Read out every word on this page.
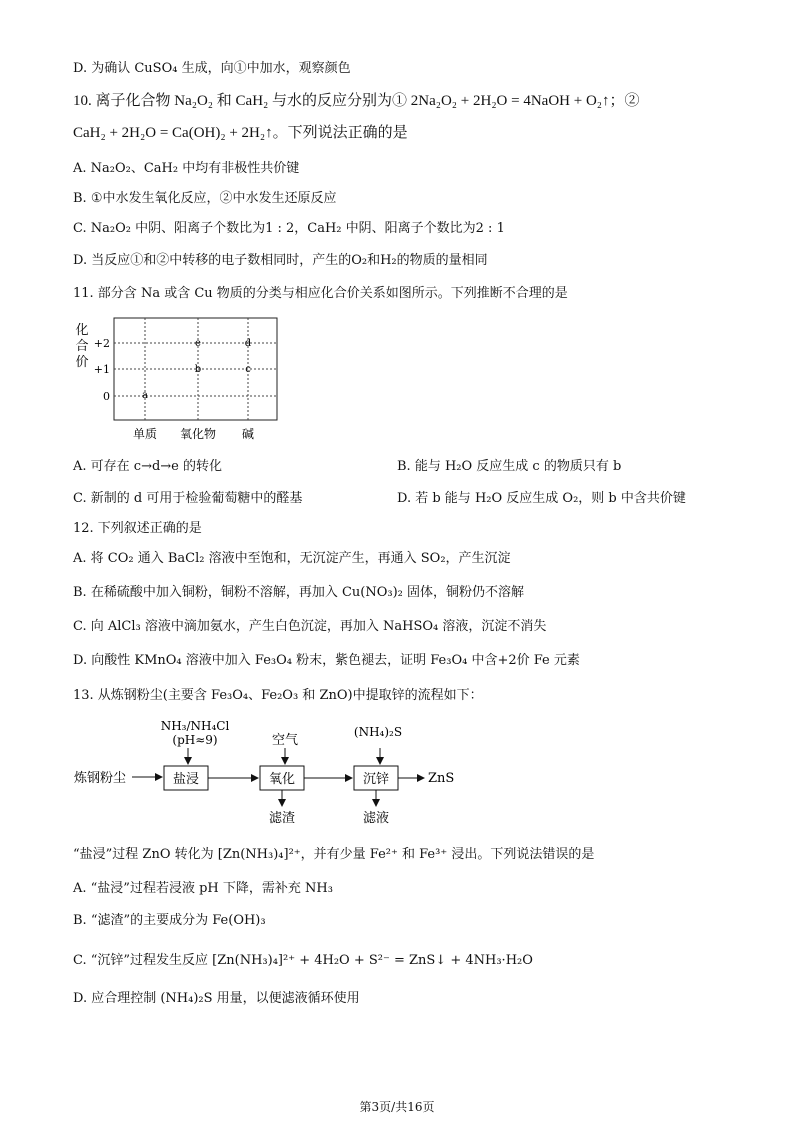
D. 为确认 CuSO₄ 生成，向①中加水，观察颜色
10. 离子化合物 Na₂O₂ 和 CaH₂ 与水的反应分别为① 2Na₂O₂ + 2H₂O = 4NaOH + O₂↑；②
CaH₂ + 2H₂O = Ca(OH)₂ + 2H₂↑。下列说法正确的是
A. Na₂O₂、CaH₂ 中均有非极性共价键
B. ①中水发生氧化反应，②中水发生还原反应
C. Na₂O₂ 中阴、阳离子个数比为1 : 2，CaH₂ 中阴、阳离子个数比为2 : 1
D. 当反应①和②中转移的电子数相同时，产生的O₂和H₂的物质的量相同
11. 部分含 Na 或含 Cu 物质的分类与相应化合价关系如图所示。下列推断不合理的是
化
合
价
+2
+1
0	a
b	c
d
e
单质 氧化物 碱
A. 可存在 c→d→e 的转化	B. 能与 H₂O 反应生成 c 的物质只有 b
C. 新制的 d 可用于检验葡萄糖中的醛基	D. 若 b 能与 H₂O 反应生成 O₂，则 b 中含共价键
12. 下列叙述正确的是
A. 将 CO₂ 通入 BaCl₂ 溶液中至饱和，无沉淀产生，再通入 SO₂，产生沉淀
B. 在稀硫酸中加入铜粉，铜粉不溶解，再加入 Cu(NO₃)₂ 固体，铜粉仍不溶解
C. 向 AlCl₃ 溶液中滴加氨水，产生白色沉淀，再加入 NaHSO₄ 溶液，沉淀不消失
D. 向酸性 KMnO₄ 溶液中加入 Fe₃O₄ 粉末，紫色褪去，证明 Fe₃O₄ 中含+2价 Fe 元素
13. 从炼钢粉尘(主要含 Fe₃O₄、Fe₂O₃ 和 ZnO)中提取锌的流程如下：
NH₃/NH₄Cl
(pH≈9)	空气
(NH₄)₂S
炼钢粉尘	盐浸	氧化	沉锌	ZnS
滤渣	滤液
“盐浸”过程 ZnO 转化为 [Zn(NH₃)₄]²⁺，并有少量 Fe²⁺ 和 Fe³⁺ 浸出。下列说法错误的是
A. “盐浸”过程若浸液 pH 下降，需补充 NH₃
B. “滤渣”的主要成分为 Fe(OH)₃
C. “沉锌”过程发生反应 [Zn(NH₃)₄]²⁺ + 4H₂O + S²⁻ = ZnS↓ + 4NH₃·H₂O
D. 应合理控制 (NH₄)₂S 用量，以便滤液循环使用
第3页/共16页
